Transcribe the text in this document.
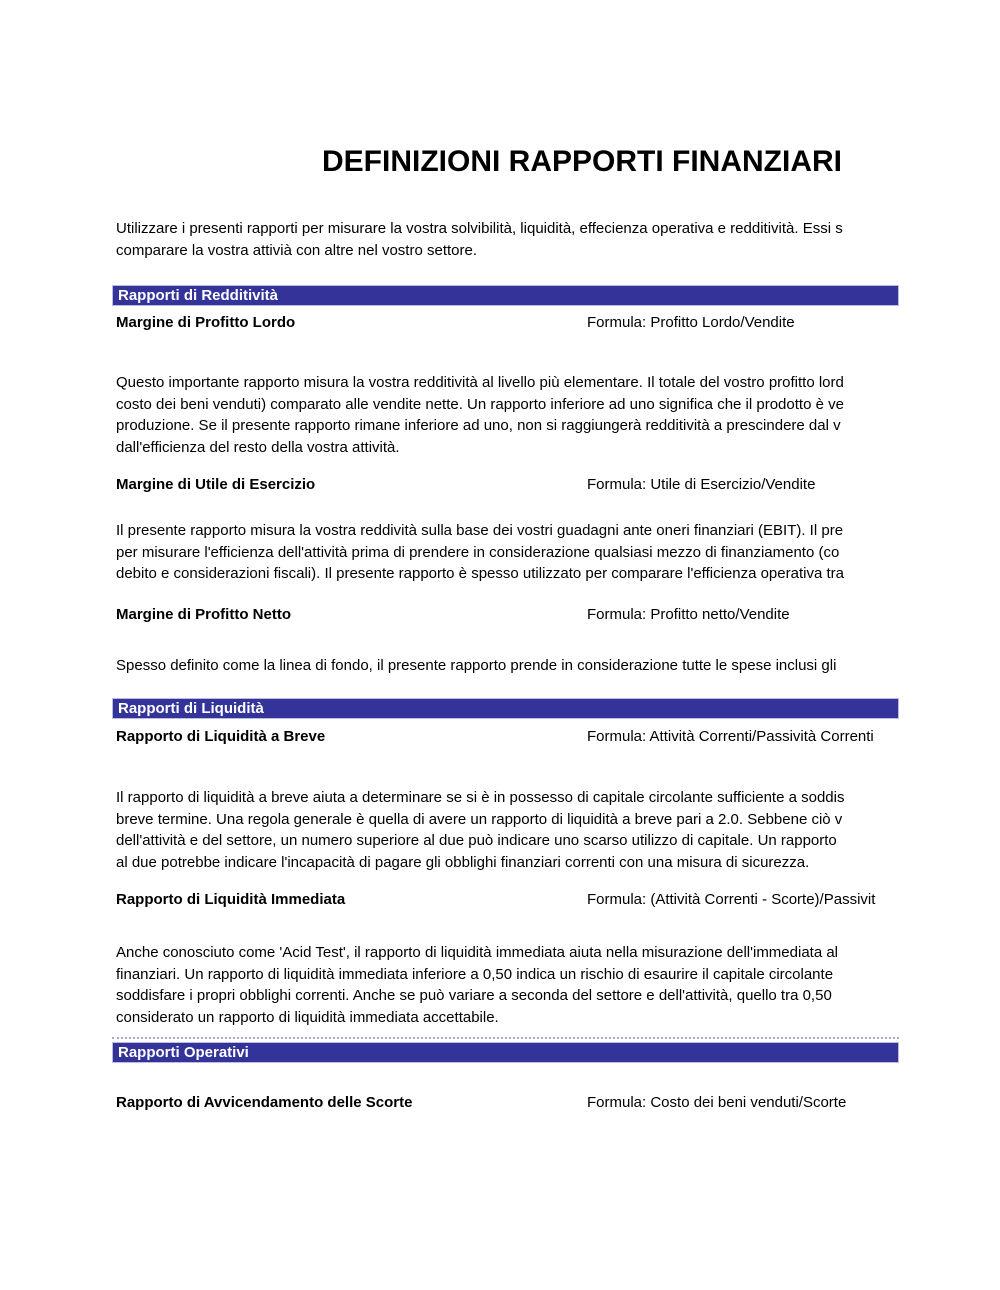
DEFINIZIONI RAPPORTI FINANZIARI
Utilizzare i presenti rapporti per misurare la vostra solvibilità, liquidità, effecienza operativa e redditività. Essi s
comparare la vostra attivià con altre nel vostro settore.
Rapporti di Redditività
Margine di Profitto Lordo	Formula: Profitto Lordo/Vendite
Questo importante rapporto misura la vostra redditività al livello più elementare. Il totale del vostro profitto lord
costo dei beni venduti) comparato alle vendite nette. Un rapporto inferiore ad uno significa che il prodotto è ve
produzione. Se il presente rapporto rimane inferiore ad uno, non si raggiungerà redditività a prescindere dal v
dall'efficienza del resto della vostra attività.
Margine di Utile di Esercizio	Formula: Utile di Esercizio/Vendite
Il presente rapporto misura la vostra reddività sulla base dei vostri guadagni ante oneri finanziari (EBIT). Il pre
per misurare l'efficienza dell'attività prima di prendere in considerazione qualsiasi mezzo di finanziamento (co
debito e considerazioni fiscali). Il presente rapporto è spesso utilizzato per comparare l'efficienza operativa tra
Margine di Profitto Netto	Formula: Profitto netto/Vendite
Spesso definito come la linea di fondo, il presente rapporto prende in considerazione tutte le spese inclusi gli
Rapporti di Liquidità
Rapporto di Liquidità a Breve	Formula: Attività Correnti/Passività Correnti
Il rapporto di liquidità a breve aiuta a determinare se si è in possesso di capitale circolante sufficiente a soddis
breve termine. Una regola generale è quella di avere un rapporto di liquidità a breve pari a 2.0. Sebbene ciò v
dell'attività e del settore, un numero superiore al due può indicare uno scarso utilizzo di capitale. Un rapporto
al due potrebbe indicare l'incapacità di pagare gli obblighi finanziari correnti con una misura di sicurezza.
Rapporto di Liquidità Immediata	Formula: (Attività Correnti - Scorte)/Passivit
Anche conosciuto come 'Acid Test', il rapporto di liquidità immediata aiuta nella misurazione dell'immediata al
finanziari. Un rapporto di liquidità immediata inferiore a 0,50 indica un rischio di esaurire il capitale circolante
soddisfare i propri obblighi correnti. Anche se può variare a seconda del settore e dell'attività, quello tra 0,50
considerato un rapporto di liquidità immediata accettabile.
Rapporti Operativi
Rapporto di Avvicendamento delle Scorte	Formula: Costo dei beni venduti/Scorte
